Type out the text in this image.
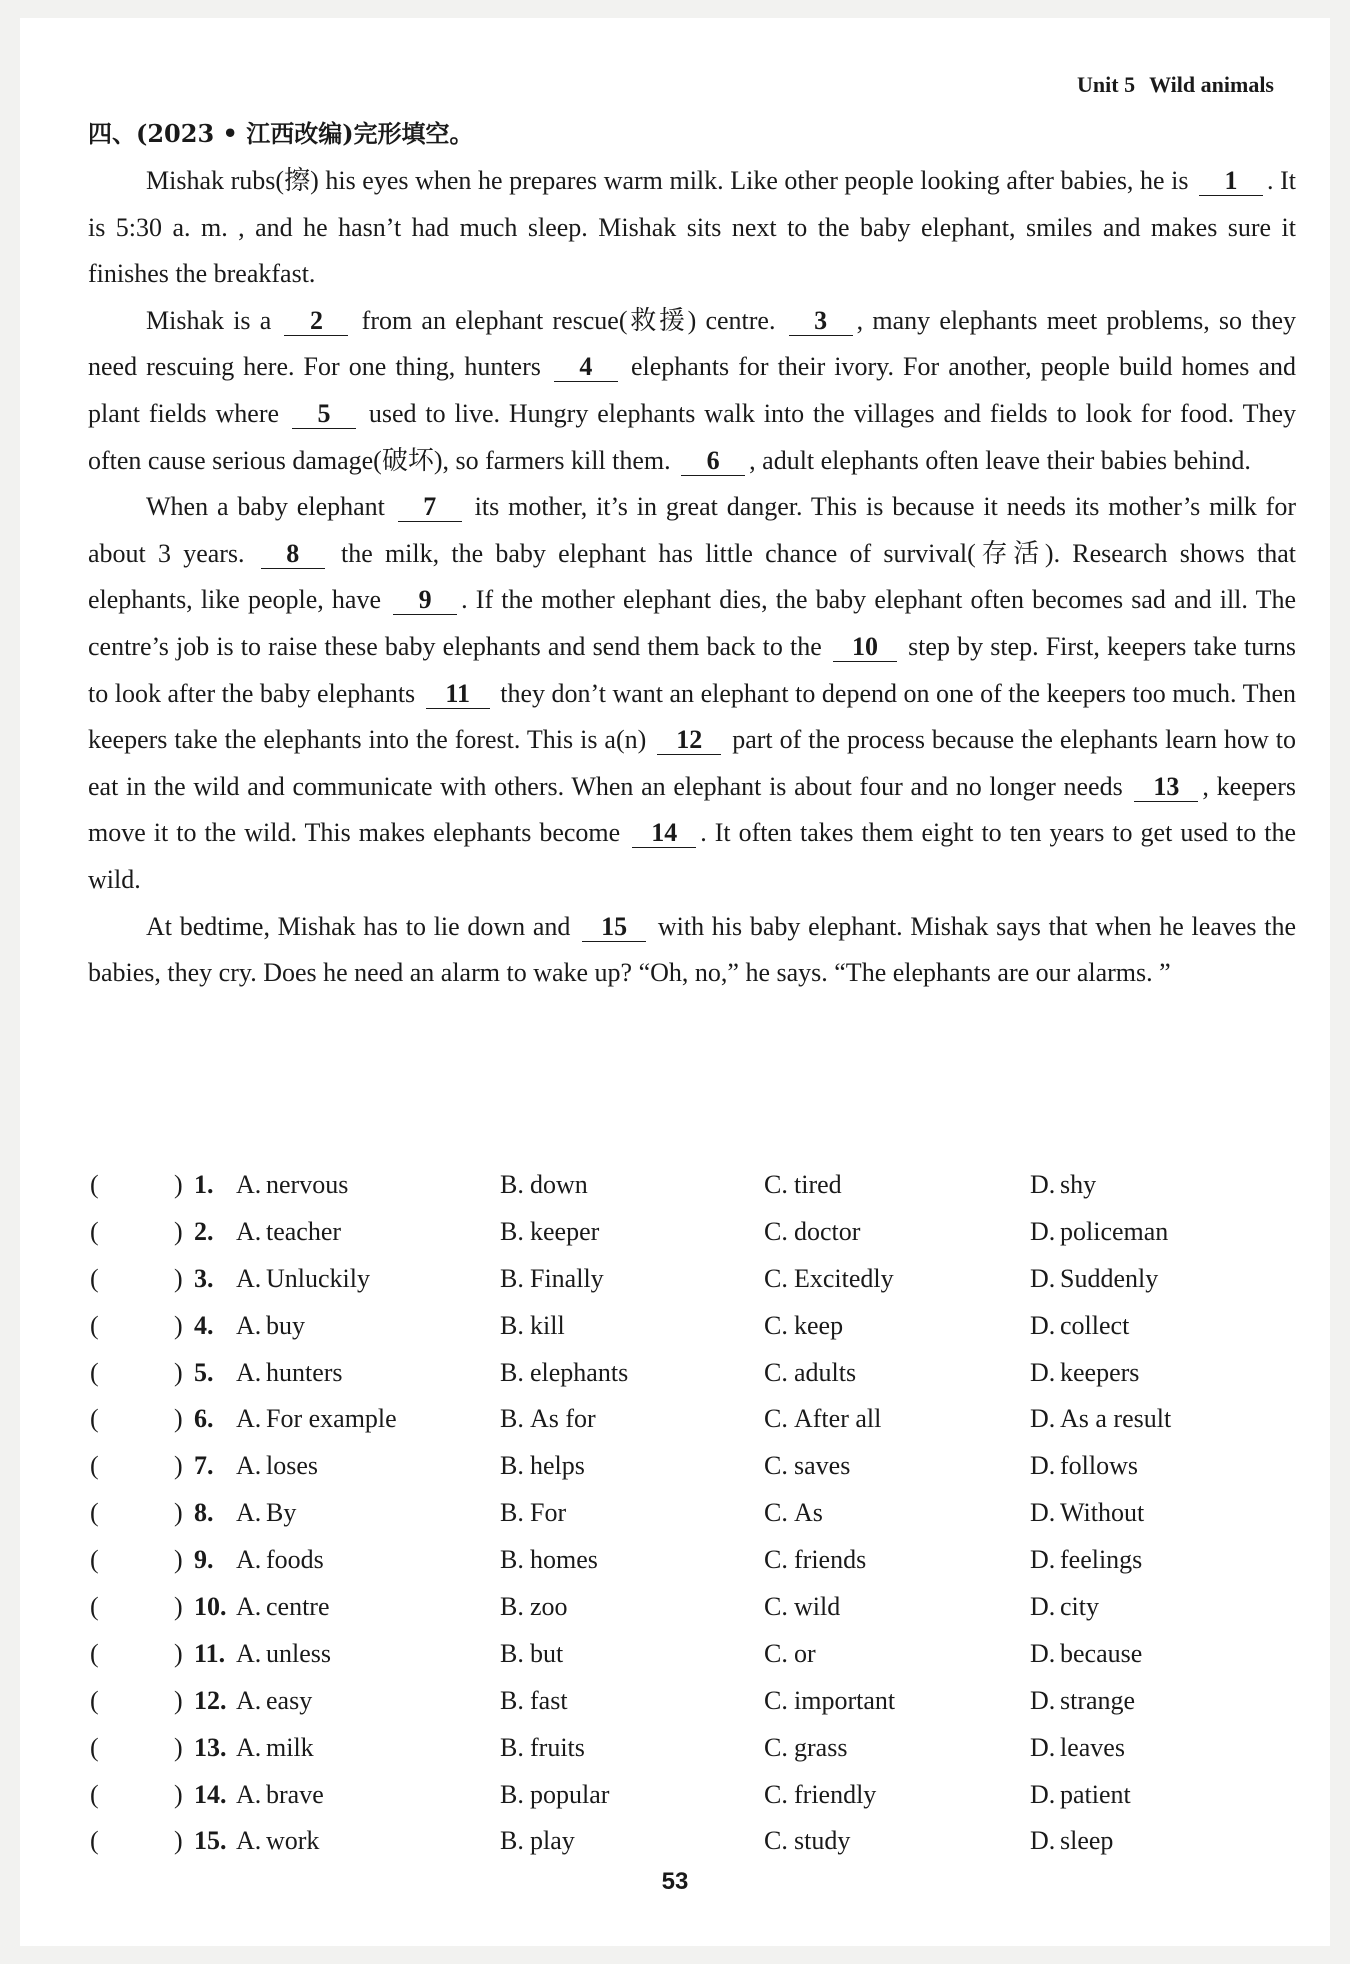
Unit 5 Wild animals
四、(2023 • 江西改编)完形填空。

Mishak rubs(擦) his eyes when he prepares warm milk. Like other people looking after babies, he is 1 . It is 5:30 a. m. , and he hasn’t had much sleep. Mishak sits next to the baby elephant, smiles and makes sure it finishes the breakfast.

Mishak is a 2 from an elephant rescue(救援) centre. 3 , many elephants meet problems, so they need rescuing here. For one thing, hunters 4 elephants for their ivory. For another, people build homes and plant fields where 5 used to live. Hungry elephants walk into the villages and fields to look for food. They often cause serious damage(破坏), so farmers kill them. 6 , adult elephants often leave their babies behind.

When a baby elephant 7 its mother, it’s in great danger. This is because it needs its mother’s milk for about 3 years. 8 the milk, the baby elephant has little chance of survival(存活). Research shows that elephants, like people, have 9 . If the mother elephant dies, the baby elephant often becomes sad and ill. The centre’s job is to raise these baby elephants and send them back to the 10 step by step. First, keepers take turns to look after the baby elephants 11 they don’t want an elephant to depend on one of the keepers too much. Then keepers take the elephants into the forest. This is a(n) 12 part of the process because the elephants learn how to eat in the wild and communicate with others. When an elephant is about four and no longer needs 13 , keepers move it to the wild. This makes elephants become 14 . It often takes them eight to ten years to get used to the wild.

At bedtime, Mishak has to lie down and 15 with his baby elephant. Mishak says that when he leaves the babies, they cry. Does he need an alarm to wake up? “Oh, no,” he says. “The elephants are our alarms. ”

(	) 1. A. nervous	B. down	C. tired	D. shy
(	) 2. A. teacher	B. keeper	C. doctor	D. policeman
(	) 3. A. Unluckily	B. Finally	C. Excitedly	D. Suddenly
(	) 4. A. buy	B. kill	C. keep	D. collect
(	) 5. A. hunters	B. elephants	C. adults	D. keepers
(	) 6. A. For example	B. As for	C. After all	D. As a result
(	) 7. A. loses	B. helps	C. saves	D. follows
(	) 8. A. By	B. For	C. As	D. Without
(	) 9. A. foods	B. homes	C. friends	D. feelings
(	) 10. A. centre	B. zoo	C. wild	D. city
(	) 11. A. unless	B. but	C. or	D. because
(	) 12. A. easy	B. fast	C. important	D. strange
(	) 13. A. milk	B. fruits	C. grass	D. leaves
(	) 14. A. brave	B. popular	C. friendly	D. patient
(	) 15. A. work	B. play	C. study	D. sleep
53
